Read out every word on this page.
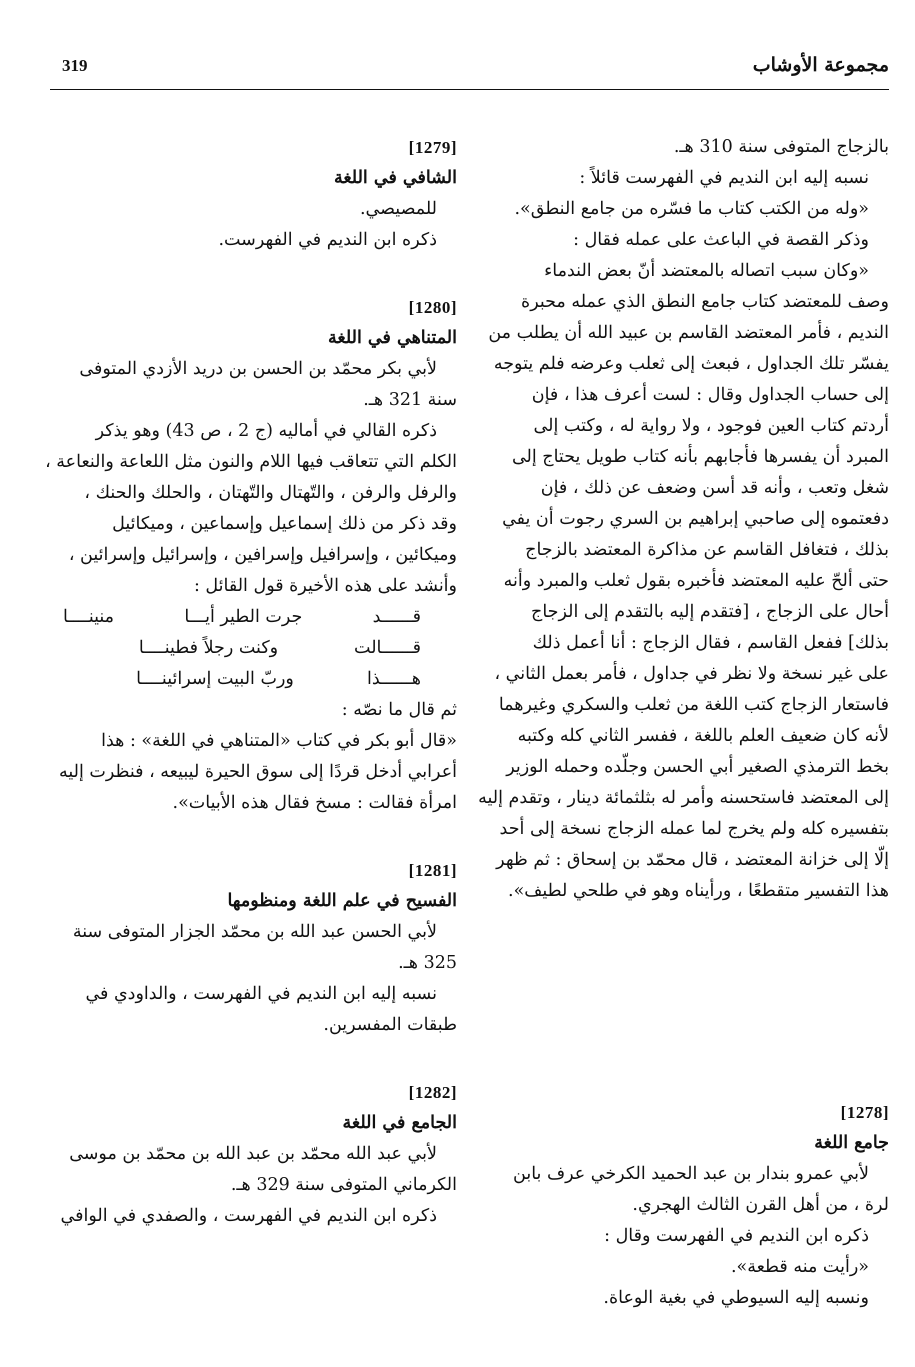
319	مجموعة الأوشاب
بالزجاج المتوفى سنة 310 هـ.
نسبه إليه ابن النديم في الفهرست قائلاً :
«وله من الكتب كتاب ما فسّره من جامع النطق».
وذكر القصة في الباعث على عمله فقال :
«وكان سبب اتصاله بالمعتضد أنّ بعض الندماء
وصف للمعتضد كتاب جامع النطق الذي عمله محبرة
النديم ، فأمر المعتضد القاسم بن عبيد الله أن يطلب من
يفسّر تلك الجداول ، فبعث إلى ثعلب وعرضه فلم يتوجه
إلى حساب الجداول وقال : لست أعرف هذا ، فإن
أردتم كتاب العين فوجود ، ولا رواية له ، وكتب إلى
المبرد أن يفسرها فأجابهم بأنه كتاب طويل يحتاج إلى
شغل وتعب ، وأنه قد أسن وضعف عن ذلك ، فإن
دفعتموه إلى صاحبي إبراهيم بن السري رجوت أن يفي
بذلك ، فتغافل القاسم عن مذاكرة المعتضد بالزجاج
حتى ألحّ عليه المعتضد فأخبره بقول ثعلب والمبرد وأنه
أحال على الزجاج ، [فتقدم إليه بالتقدم إلى الزجاج
بذلك] ففعل القاسم ، فقال الزجاج : أنا أعمل ذلك
على غير نسخة ولا نظر في جداول ، فأمر بعمل الثاني ،
فاستعار الزجاج كتب اللغة من ثعلب والسكري وغيرهما
لأنه كان ضعيف العلم باللغة ، ففسر الثاني كله وكتبه
بخط الترمذي الصغير أبي الحسن وجلّده وحمله الوزير
إلى المعتضد فاستحسنه وأمر له بثلثمائة دينار ، وتقدم إليه
بتفسيره كله ولم يخرج لما عمله الزجاج نسخة إلى أحد
إلّا إلى خزانة المعتضد ، قال محمّد بن إسحاق : ثم ظهر
هذا التفسير متقطعًا ، ورأيناه وهو في طلحي لطيف».
[1278]
جامع اللغة
لأبي عمرو بندار بن عبد الحميد الكرخي عرف بابن
لرة ، من أهل القرن الثالث الهجري.
ذكره ابن النديم في الفهرست وقال :
«رأيت منه قطعة».
ونسبه إليه السيوطي في بغية الوعاة.
[1279]
الشافي في اللغة
للمصيصي.
ذكره ابن النديم في الفهرست.
[1280]
المتناهي في اللغة
لأبي بكر محمّد بن الحسن بن دريد الأزدي المتوفى
سنة 321 هـ.
ذكره القالي في أماليه (ج 2 ، ص 43) وهو يذكر
الكلم التي تتعاقب فيها اللام والنون مثل اللعاعة والنعاعة ،
والرفل والرفن ، والتّهتال والتّهتان ، والحلك والحنك ،
وقد ذكر من ذلك إسماعيل وإسماعين ، وميكائيل
وميكائين ، وإسرافيل وإسرافين ، وإسرائيل وإسرائين ،
وأنشد على هذه الأخيرة قول القائل :
قــــــد
جرت الطير أيـــا
منينــــا
قــــــالت
وكنت رجلاً فطينــــا
هــــــذا
وربّ البيت إسرائينــــا
ثم قال ما نصّه :
«قال أبو بكر في كتاب «المتناهي في اللغة» : هذا
أعرابي أدخل قردًا إلى سوق الحيرة ليبيعه ، فنظرت إليه
امرأة فقالت : مسخ فقال هذه الأبيات».
[1281]
الفسيح في علم اللغة ومنظومها
لأبي الحسن عبد الله بن محمّد الجزار المتوفى سنة
325 هـ.
نسبه إليه ابن النديم في الفهرست ، والداودي في
طبقات المفسرين.
[1282]
الجامع في اللغة
لأبي عبد الله محمّد بن عبد الله بن محمّد بن موسى
الكرماني المتوفى سنة 329 هـ.
ذكره ابن النديم في الفهرست ، والصفدي في الوافي
